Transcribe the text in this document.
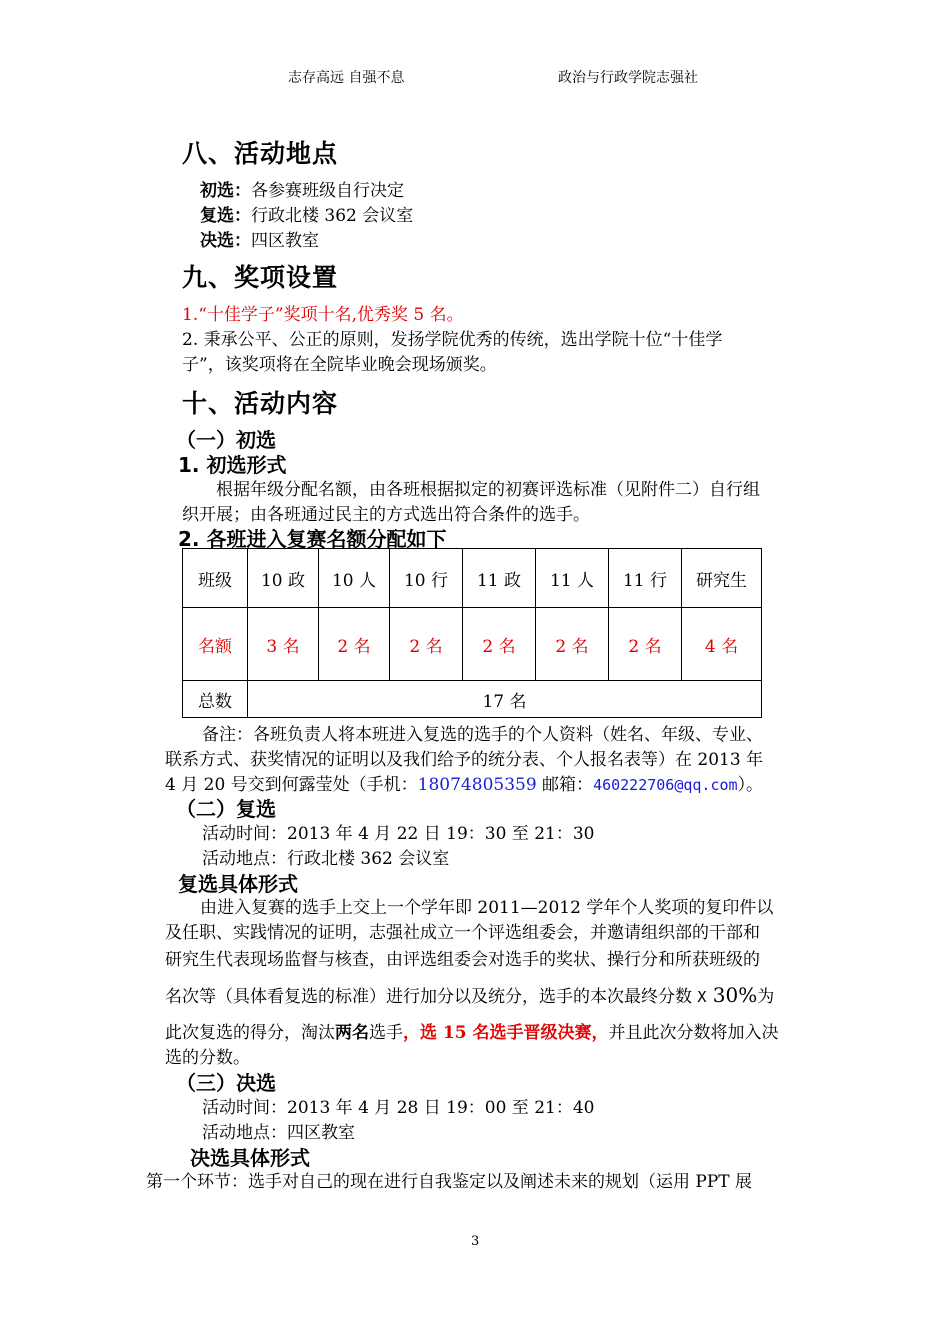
志存高远 自强不息	政治与行政学院志强社
八、活动地点
初选：各参赛班级自行决定
复选：行政北楼 362 会议室
决选：四区教室
九、奖项设置
1.“十佳学子”奖项十名,优秀奖 5 名。
2. 秉承公平、公正的原则，发扬学院优秀的传统，选出学院十位“十佳学
子”，该奖项将在全院毕业晚会现场颁奖。
十、活动内容
（一）初选
1. 初选形式
根据年级分配名额，由各班根据拟定的初赛评选标准（见附件二）自行组
织开展；由各班通过民主的方式选出符合条件的选手。
2. 各班进入复赛名额分配如下
班级	10 政	10 人	10 行	11 政	11 人	11 行	研究生
名额	3 名	2 名	2 名	2 名	2 名	2 名	4 名
总数	17 名						
备注：各班负责人将本班进入复选的选手的个人资料（姓名、年级、专业、
联系方式、获奖情况的证明以及我们给予的统分表、个人报名表等）在 2013 年
4 月 20 号交到何露莹处（手机：18074805359 邮箱：460222706@qq.com）。
（二）复选
活动时间：2013 年 4 月 22 日 19：30 至 21：30
活动地点：行政北楼 362 会议室
复选具体形式
由进入复赛的选手上交上一个学年即 2011—2012 学年个人奖项的复印件以
及任职、实践情况的证明，志强社成立一个评选组委会，并邀请组织部的干部和
研究生代表现场监督与核查，由评选组委会对选手的奖状、操行分和所获班级的
名次等（具体看复选的标准）进行加分以及统分，选手的本次最终分数 X 30%为
此次复选的得分，淘汰两名选手，选 15 名选手晋级决赛，并且此次分数将加入决
选的分数。
（三）决选
活动时间：2013 年 4 月 28 日 19：00 至 21：40
活动地点：四区教室
决选具体形式
第一个环节：选手对自己的现在进行自我鉴定以及阐述未来的规划（运用 PPT 展
3
